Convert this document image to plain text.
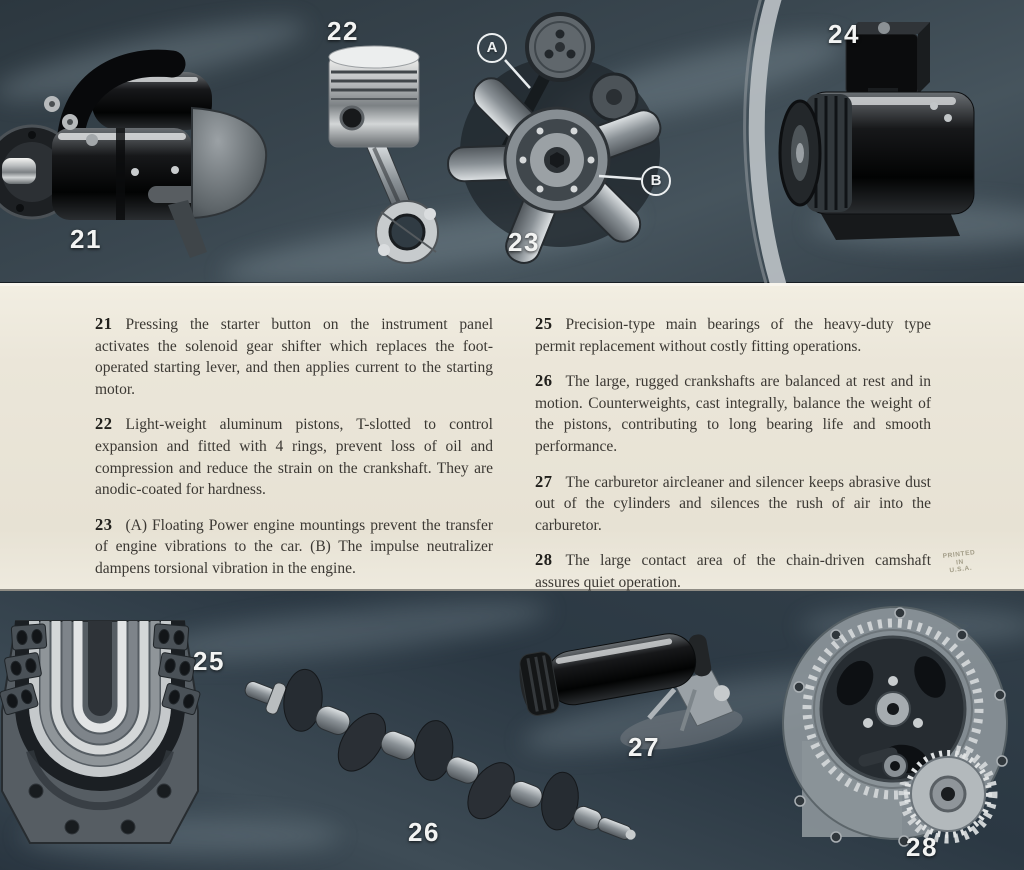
21
22
23
24
A
B

21 Pressing the starter button on the instrument panel activates the solenoid gear shifter which replaces the foot-operated starting lever, and then applies current to the starting motor.

22 Light-weight aluminum pistons, T-slotted to control expansion and fitted with 4 rings, prevent loss of oil and compression and reduce the strain on the crankshaft. They are anodic-coated for hardness.

23 (A) Floating Power engine mountings prevent the transfer of engine vibrations to the car. (B) The impulse neutralizer dampens torsional vibration in the engine.

25 Precision-type main bearings of the heavy-duty type permit replacement without costly fitting operations.

26 The large, rugged crankshafts are balanced at rest and in motion. Counterweights, cast integrally, balance the weight of the pistons, contributing to long bearing life and smooth performance.

27 The carburetor aircleaner and silencer keeps abrasive dust out of the cylinders and silences the rush of air into the carburetor.

28 The large contact area of the chain-driven camshaft assures quiet operation.

PRINTED
IN
U.S.A.
25
26
27
28
